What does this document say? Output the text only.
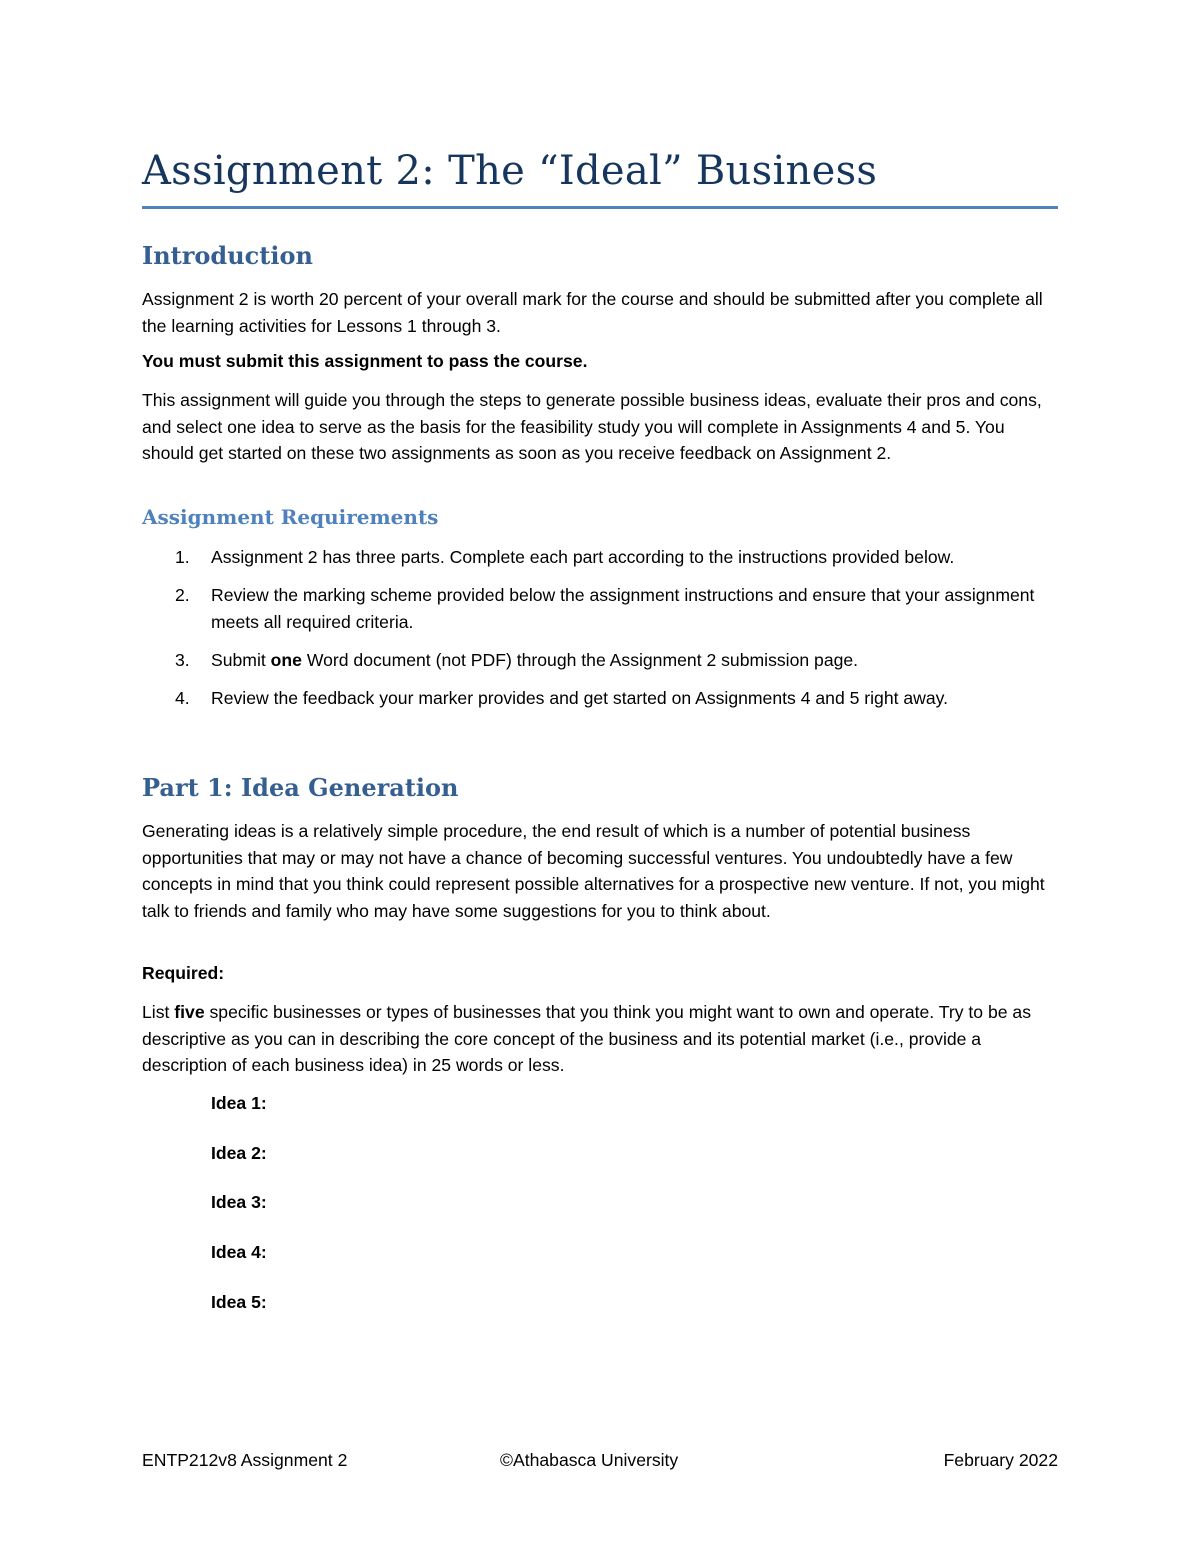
Assignment 2: The “Ideal” Business
Introduction

Assignment 2 is worth 20 percent of your overall mark for the course and should be submitted after you complete all the learning activities for Lessons 1 through 3.

You must submit this assignment to pass the course.

This assignment will guide you through the steps to generate possible business ideas, evaluate their pros and cons, and select one idea to serve as the basis for the feasibility study you will complete in Assignments 4 and 5. You should get started on these two assignments as soon as you receive feedback on Assignment 2.

Assignment Requirements
1. Assignment 2 has three parts. Complete each part according to the instructions provided below.
2. Review the marking scheme provided below the assignment instructions and ensure that your assignment meets all required criteria.
3. Submit one Word document (not PDF) through the Assignment 2 submission page.
4. Review the feedback your marker provides and get started on Assignments 4 and 5 right away.
Part 1: Idea Generation

Generating ideas is a relatively simple procedure, the end result of which is a number of potential business opportunities that may or may not have a chance of becoming successful ventures. You undoubtedly have a few concepts in mind that you think could represent possible alternatives for a prospective new venture. If not, you might talk to friends and family who may have some suggestions for you to think about.

Required:

List five specific businesses or types of businesses that you think you might want to own and operate. Try to be as descriptive as you can in describing the core concept of the business and its potential market (i.e., provide a description of each business idea) in 25 words or less.

Idea 1:
Idea 2:
Idea 3:
Idea 4:
Idea 5:
ENTP212v8 Assignment 2	©Athabasca University	February 2022
